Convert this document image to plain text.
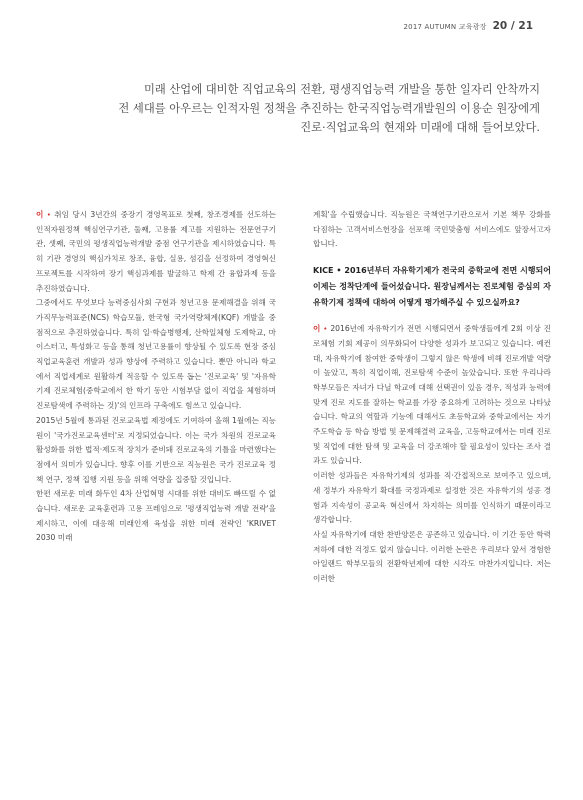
2017 AUTUMN 교육광장 20 / 21

미래 산업에 대비한 직업교육의 전환, 평생직업능력 개발을 통한 일자리 안착까지
전 세대를 아우르는 인적자원 정책을 추진하는 한국직업능력개발원의 이용순 원장에게
진로·직업교육의 현재와 미래에 대해 들어보았다.

이 • 취임 당시 3년간의 중장기 경영목표로 첫째, 창조경제를 선도하는 인적자원정책 핵심연구기관, 둘째, 고용률 제고를 지원하는 전문연구기관, 셋째, 국민의 평생직업능력개발 중점 연구기관을 제시하였습니다. 특히 기관 경영의 핵심가치로 창조, 융합, 실용, 섬김을 선정하여 경영혁신 프로젝트를 시작하여 장기 핵심과제를 발굴하고 학제 간 융합과제 등을 추진하였습니다.

그중에서도 무엇보다 능력중심사회 구현과 청년고용 문제해결을 위해 국가직무능력표준(NCS) 학습모듈, 한국형 국가역량체계(KQF) 개발을 중점적으로 추진하였습니다. 특히 일·학습병행제, 산학일체형 도제학교, 마이스터고, 특성화고 등을 통해 청년고용률이 향상될 수 있도록 현장 중심 직업교육훈련 개발과 성과 향상에 주력하고 있습니다. 뿐만 아니라 학교에서 직업세계로 원활하게 적응할 수 있도록 돕는 '진로교육' 및 '자유학기제 진로체험(중학교에서 한 학기 동안 시험부담 없이 직업을 체험하며 진로탐색에 주력하는 것)'의 인프라 구축에도 힘쓰고 있습니다.

2015년 5월에 통과된 진로교육법 제정에도 기여하여 올해 1월에는 직능원이 '국가진로교육센터'로 지정되었습니다. 이는 국가 차원의 진로교육 활성화를 위한 법적·제도적 장치가 준비돼 진로교육의 기틀을 마련했다는 점에서 의미가 있습니다. 향후 이를 기반으로 직능원은 국가 진로교육 정책 연구, 정책 집행 지원 등을 위해 역량을 집중할 것입니다.

한편 새로운 미래 화두인 4차 산업혁명 시대를 위한 대비도 빠뜨릴 수 없습니다. 새로운 교육훈련과 고용 프레임으로 '평생직업능력 개발 전략'을 제시하고, 이에 대응해 미래인재 육성을 위한 미래 전략인 'KRIVET 2030 미래

계획'을 수립했습니다. 직능원은 국책연구기관으로서 기본 책무 강화를 다짐하는 고객서비스헌장을 선포해 국민맞춤형 서비스에도 앞장서고자 합니다.

KICE • 2016년부터 자유학기제가 전국의 중학교에 전면 시행되어 이제는 정착단계에 들어섰습니다. 원장님께서는 진로체험 중심의 자유학기제 정책에 대하여 어떻게 평가해주실 수 있으실까요?

이 • 2016년에 자유학기가 전면 시행되면서 중학생들에게 2회 이상 진로체험 기회 제공이 의무화되어 다양한 성과가 보고되고 있습니다. 예컨대, 자유학기에 참여한 중학생이 그렇지 않은 학생에 비해 진로개발 역량이 높았고, 특히 직업이해, 진로탐색 수준이 높았습니다. 또한 우리나라 학부모들은 자녀가 다닐 학교에 대해 선택권이 있음 경우, 적성과 능력에 맞게 진로 지도를 잘하는 학교를 가장 중요하게 고려하는 것으로 나타났습니다. 학교의 역할과 기능에 대해서도 초등학교와 중학교에서는 자기주도학습 등 학습 방법 및 문제해결력 교육을, 고등학교에서는 미래 진로 및 직업에 대한 탐색 및 교육을 더 강조해야 할 필요성이 있다는 조사 결과도 있습니다.

이러한 성과들은 자유학기제의 성과를 직·간접적으로 보여주고 있으며, 새 정부가 자유학기 확대를 국정과제로 설정한 것은 자유학기의 성공 경험과 지속성이 공교육 혁신에서 차지하는 의미를 인식하기 때문이라고 생각합니다.

사실 자유학기에 대한 찬반양론은 공존하고 있습니다. 이 기간 동안 학력 저하에 대한 걱정도 없지 않습니다. 이러한 논란은 우리보다 앞서 경험한 아일랜드 학부모들의 전환학년제에 대한 시각도 마찬가지입니다. 저는 이러한
